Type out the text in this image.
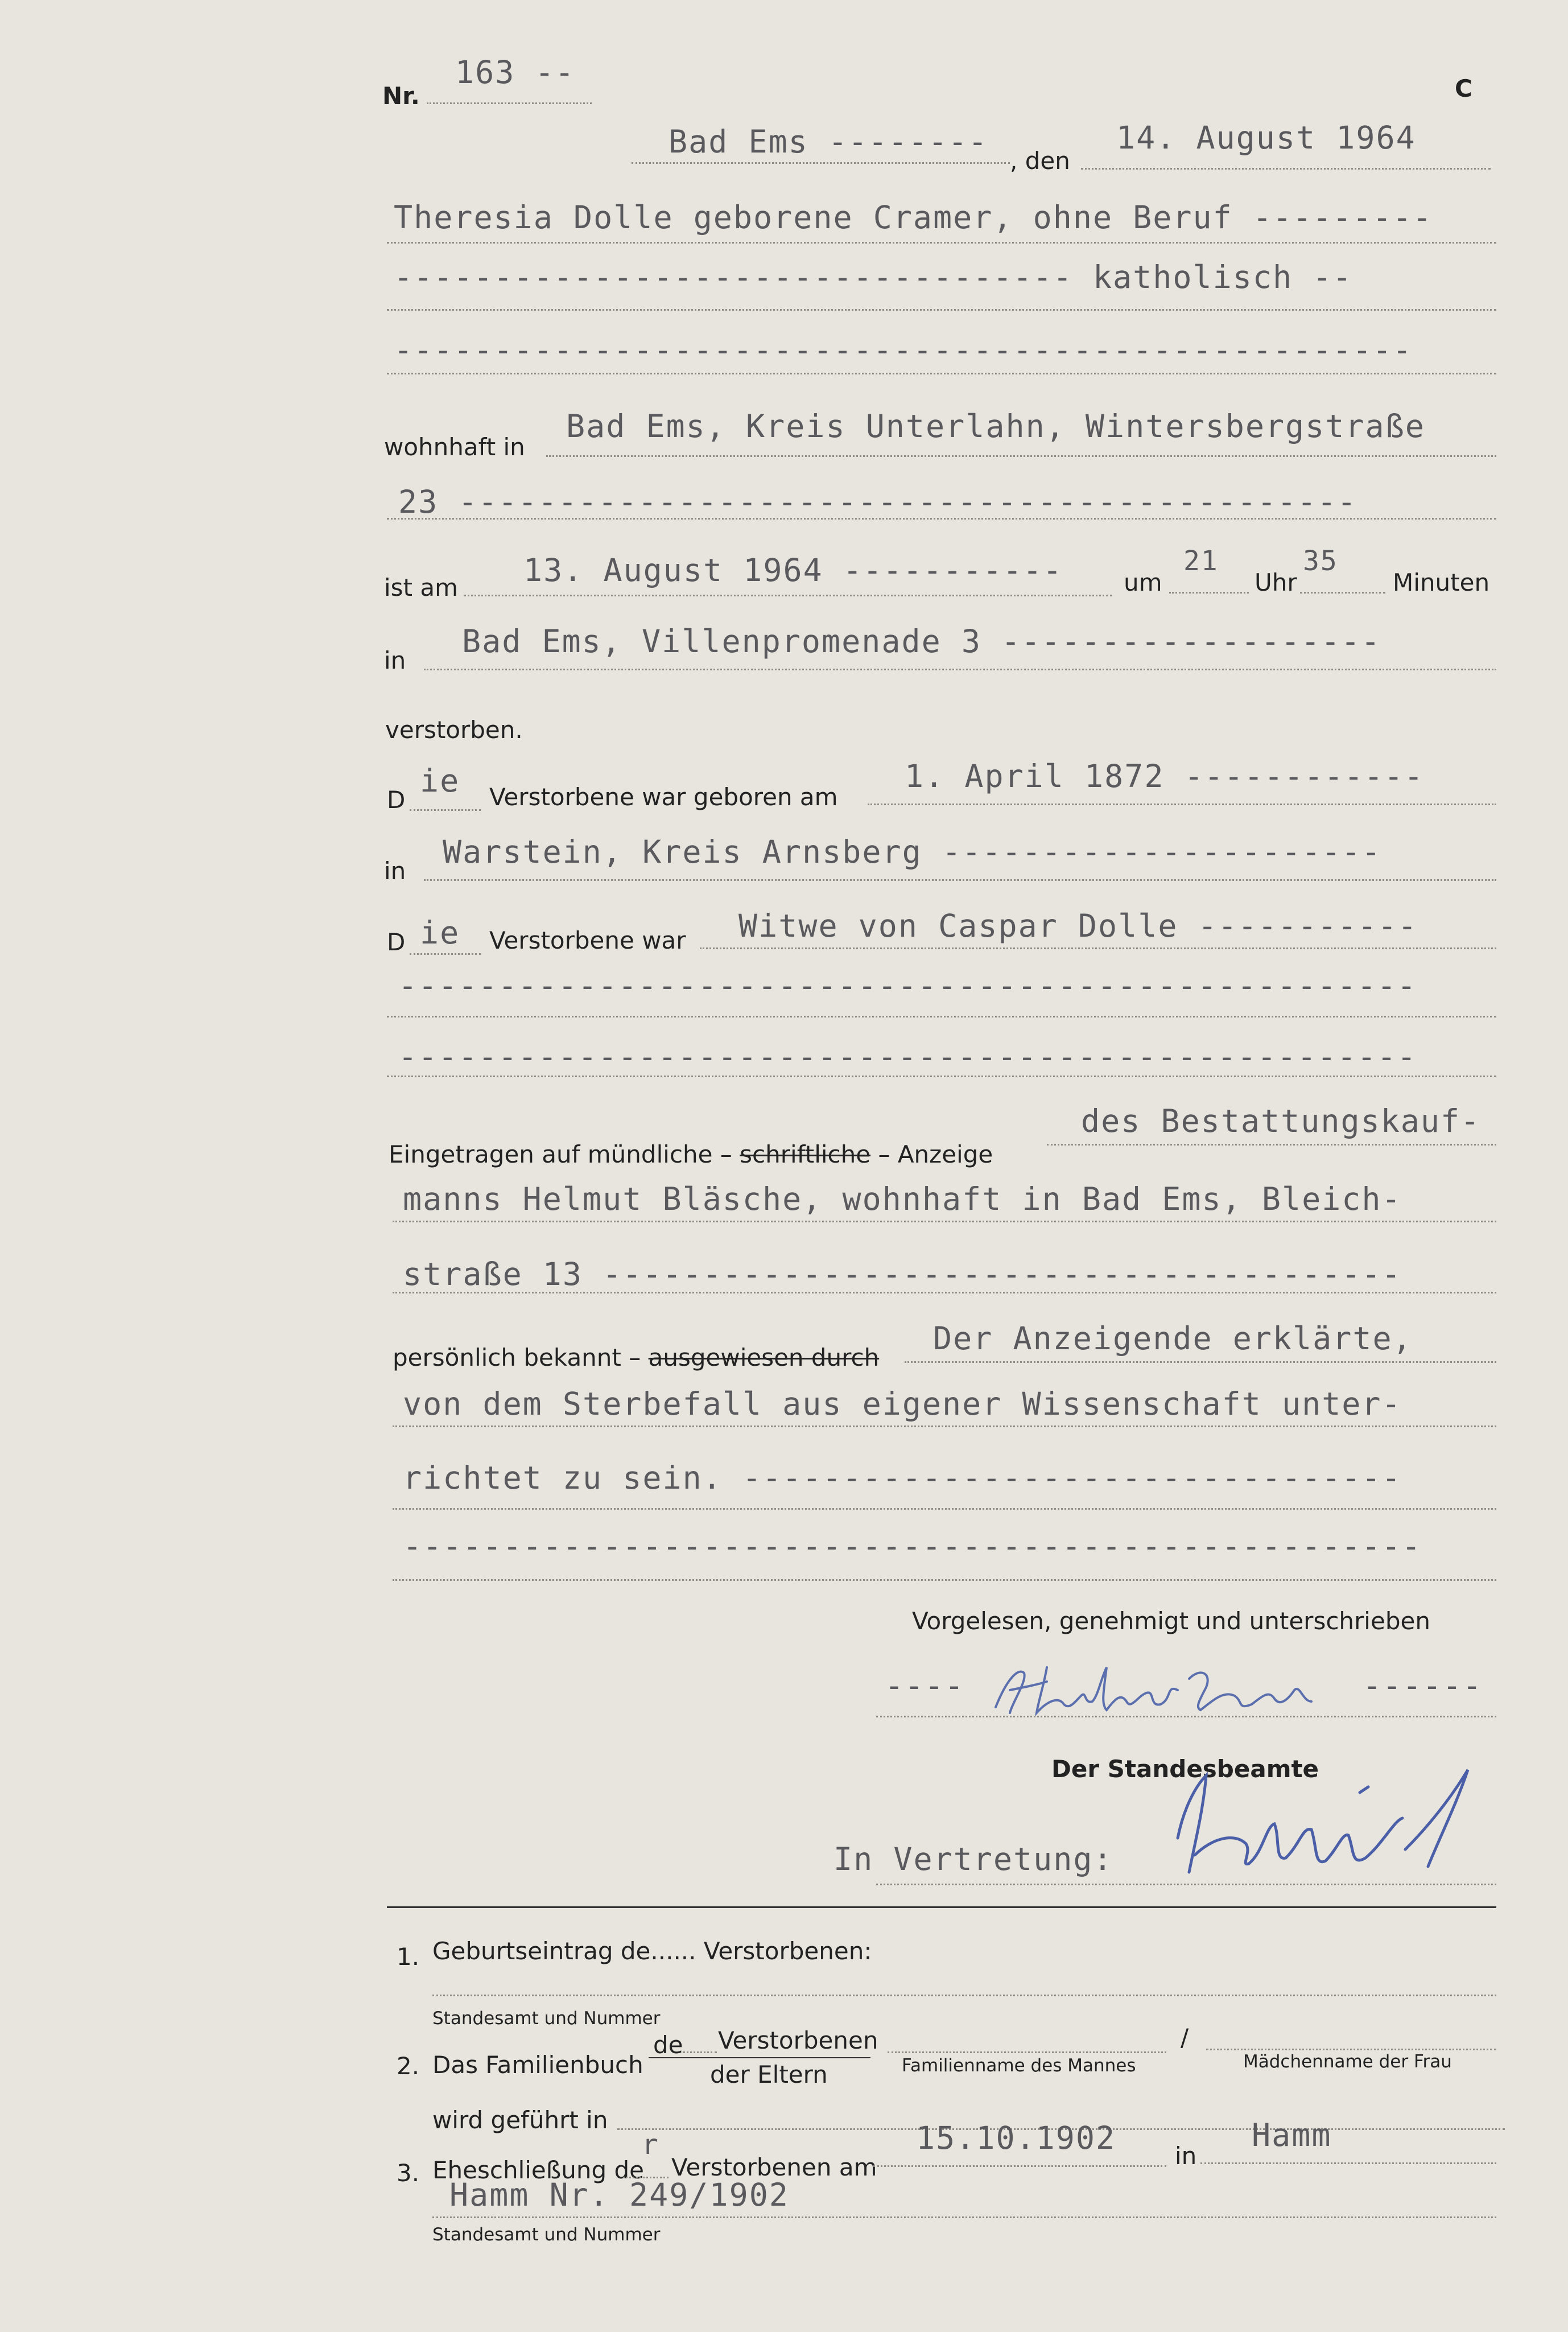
Nr.
163 --	C
Bad Ems --------
, den
14. August 1964
Theresia Dolle geborene Cramer, ohne Beruf ---------
---------------------------------- katholisch --
---------------------------------------------------
wohnhaft in
Bad Ems, Kreis Unterlahn, Wintersbergstraße
23 ---------------------------------------------
ist am 13. August 1964 -----------	um
21
Uhr
35
Minuten
in
Bad Ems, Villenpromenade 3 -------------------
verstorben.
D
ie Verstorbene war geboren am
1. April 1872 ------------
in
Warstein, Kreis Arnsberg ----------------------
D ie Verstorbene war Witwe von Caspar Dolle -----------
---------------------------------------------------
---------------------------------------------------
Eingetragen auf mündliche – schriftliche – Anzeige
des Bestattungskauf-
manns Helmut Bläsche, wohnhaft in Bad Ems, Bleich-
straße 13 ----------------------------------------
persönlich bekannt – ausgewiesen durch
Der Anzeigende erklärte,
von dem Sterbefall aus eigener Wissenschaft unter-
richtet zu sein. ---------------------------------
---------------------------------------------------
Vorgelesen, genehmigt und unterschrieben
----	------
Der Standesbeamte
In Vertretung:
1. Geburtseintrag de...... Verstorbenen:
Standesamt und Nummer
2. Das Familienbuch
de Verstorbenen
der Eltern	Familienname des Mannes
/
Mädchenname der Frau
wird geführt in
3. Eheschließung de
r
Verstorbenen am
15.10.1902 in
Hamm
Hamm Nr. 249/1902
Standesamt und Nummer
